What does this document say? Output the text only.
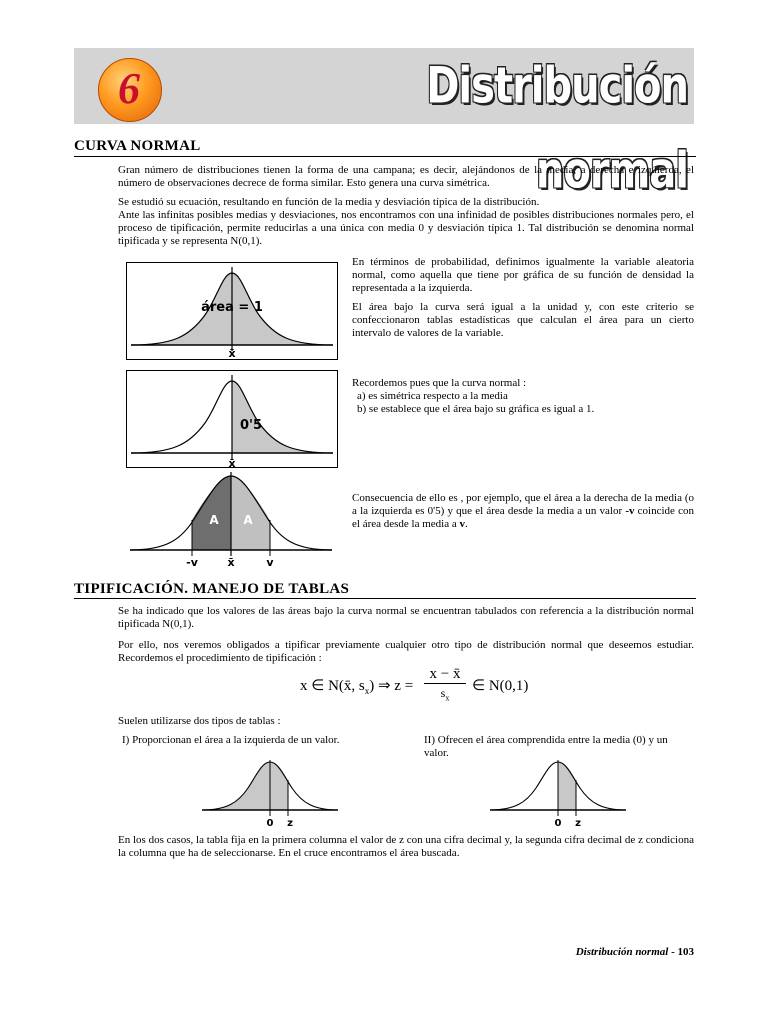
6	Distribución normal
CURVA NORMAL
Gran número de distribuciones tienen la forma de una campana; es decir, alejándonos de la media, a derecha e izquierda, el número de observaciones decrece de forma similar. Esto genera una curva simétrica.
Se estudió su ecuación, resultando en función de la media y desviación típica de la distribución.
Ante las infinitas posibles medias y desviaciones, nos encontramos con una infinidad de posibles distribuciones normales pero, el proceso de tipificación, permite reducirlas a una única con media 0 y desviación típica 1. Tal distribución se denomina normal tipificada y se representa N(0,1).
área = 1
x̄
0'5
x̄
A A
-v	x̄	v
En términos de probabilidad, definimos igualmente la variable aleatoria normal, como aquella que tiene por gráfica de su función de densidad la representada a la izquierda.
El área bajo la curva será igual a la unidad y, con este criterio se confeccionaron tablas estadísticas que calculan el área para un cierto intervalo de valores de la variable.
Recordemos pues que la curva normal :
a) es simétrica respecto a la media
b) se establece que el área bajo su gráfica es igual a 1.
Consecuencia de ello es , por ejemplo, que el área a la derecha de la media (o a la izquierda es 0'5) y que el área desde la media a un valor -v coincide con el área desde la media a v.
TIPIFICACIÓN. MANEJO DE TABLAS
Se ha indicado que los valores de las áreas bajo la curva normal se encuentran tabulados con referencia a la distribución normal tipificada N(0,1).
Por ello, nos veremos obligados a tipificar previamente cualquier otro tipo de distribución normal que deseemos estudiar. Recordemos el procedimiento de tipificación :
x ∈ N(x̄, $s_x$) ⇒ z =
x − x̄
$s_x$
∈ N(0,1)
Suelen utilizarse dos tipos de tablas :
I) Proporcionan el área a la izquierda de un valor.	II) Ofrecen el área comprendida entre la media (0) y un valor.
0 z	0 z
En los dos casos, la tabla fija en la primera columna el valor de z con una cifra decimal y, la segunda cifra decimal de z condiciona la columna que ha de seleccionarse. En el cruce encontramos el área buscada.
Distribución normal - 103
